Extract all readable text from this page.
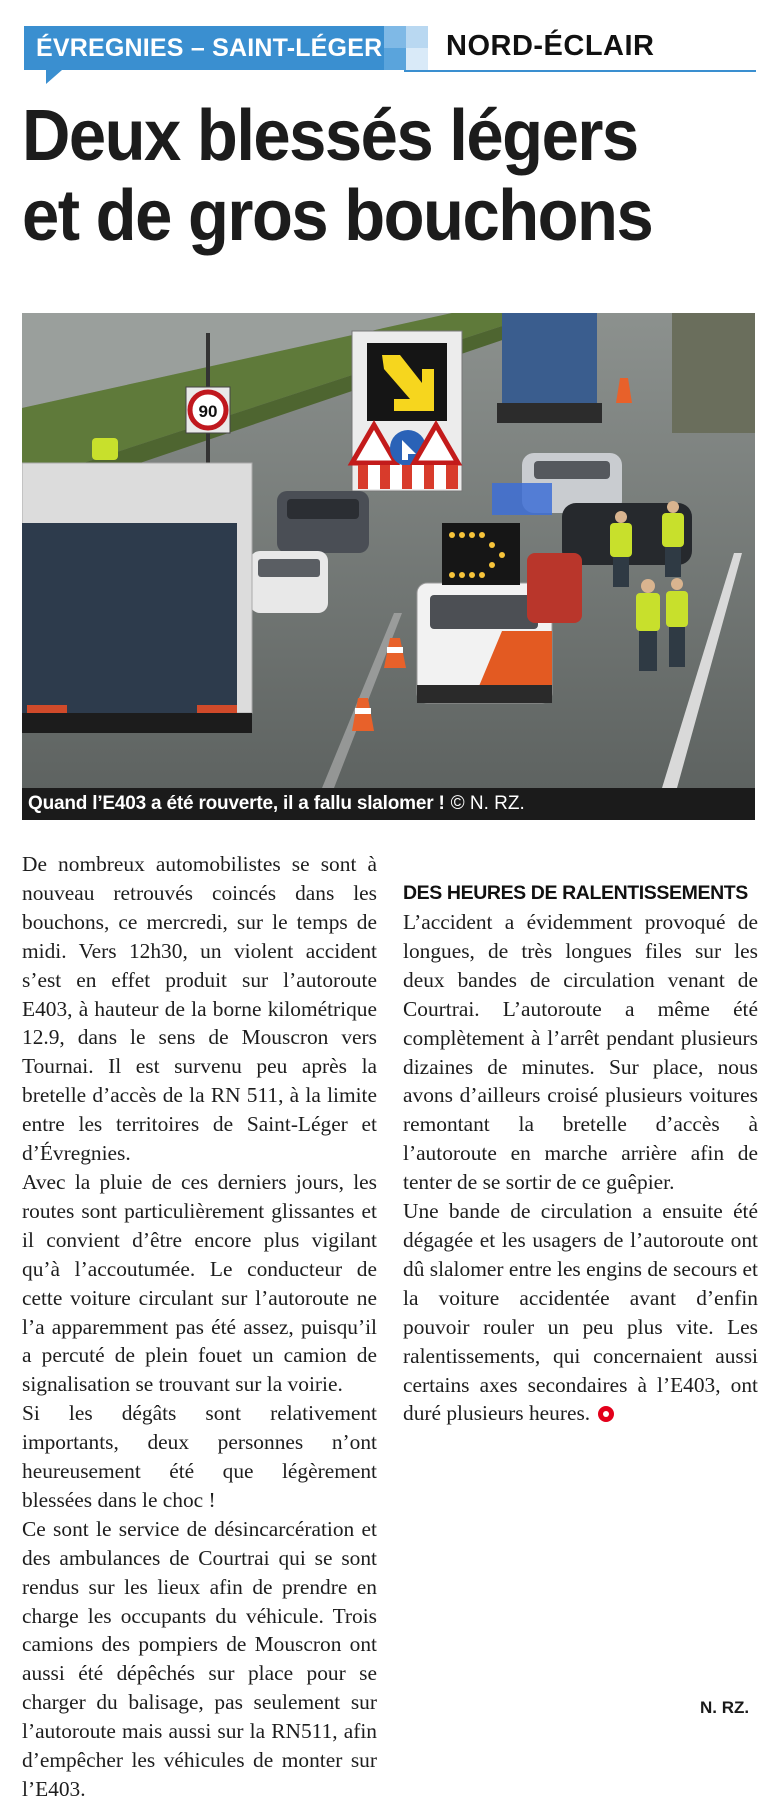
ÉVREGNIES – SAINT-LÉGER NORD-ÉCLAIR
Deux blessés légers
et de gros bouchons
90
Quand l’E403 a été rouverte, il a fallu slalomer ! © N. RZ.

De nombreux automobilistes se sont à nouveau retrouvés coincés dans les bouchons, ce mercredi, sur le temps de midi. Vers 12h30, un violent accident s’est en effet produit sur l’autoroute E403, à hauteur de la borne kilométrique 12.9, dans le sens de Mouscron vers Tournai. Il est survenu peu après la bretelle d’accès de la RN 511, à la limite entre les territoires de Saint-Léger et d’Évregnies.

Avec la pluie de ces derniers jours, les routes sont particulièrement glissantes et il convient d’être encore plus vigilant qu’à l’accoutumée. Le conducteur de cette voiture circulant sur l’autoroute ne l’a apparemment pas été assez, puisqu’il a percuté de plein fouet un camion de signalisation se trouvant sur la voirie.

Si les dégâts sont relativement importants, deux personnes n’ont heureusement été que légèrement blessées dans le choc !

Ce sont le service de désincarcération et des ambulances de Courtrai qui se sont rendus sur les lieux afin de prendre en charge les occupants du véhicule. Trois camions des pompiers de Mouscron ont aussi été dépêchés sur place pour se charger du balisage, pas seulement sur l’autoroute mais aussi sur la RN511, afin d’empêcher les véhicules de monter sur l’E403.

DES HEURES DE RALENTISSEMENTS

L’accident a évidemment provoqué de longues, de très longues files sur les deux bandes de circulation venant de Courtrai. L’autoroute a même été complètement à l’arrêt pendant plusieurs dizaines de minutes. Sur place, nous avons d’ailleurs croisé plusieurs voitures remontant la bretelle d’accès à l’autoroute en marche arrière afin de tenter de se sortir de ce guêpier.

Une bande de circulation a ensuite été dégagée et les usagers de l’autoroute ont dû slalomer entre les engins de secours et la voiture accidentée avant d’enfin pouvoir rouler un peu plus vite. Les ralentissements, qui concernaient aussi certains axes secondaires à l’E403, ont duré plusieurs heures.

N. RZ.
